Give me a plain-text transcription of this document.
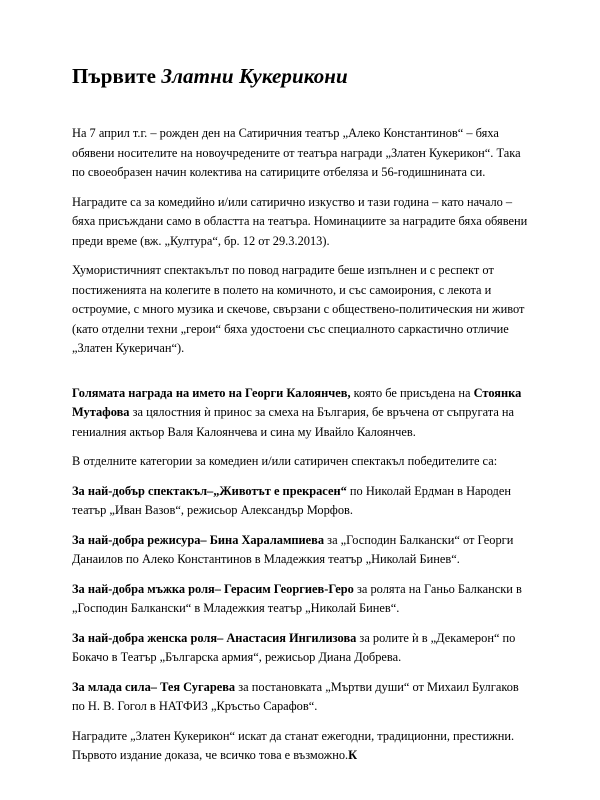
Първите Златни Кукерикони

На 7 април т.г. – рожден ден на Сатиричния театър „Алеко Константинов“ – бяха обявени носителите на новоучредените от театъра награди „Златен Кукерикон“. Така по своеобразен начин колектива на сатириците отбеляза и 56-годишнината си.

Наградите са за комедийно и/или сатирично изкуство и тази година – като начало – бяха присъждани само в областта на театъра. Номинациите за наградите бяха обявени преди време (вж. „Култура“, бр. 12 от 29.3.2013).

Хумористичният спектакълът по повод наградите беше изпълнен и с респект от постиженията на колегите в полето на комичното, и със самоирония, с лекота и остроумие, с много музика и скечове, свързани с обществено-политическия ни живот (като отделни техни „герои“ бяха удостоени със специалното саркастично отличие „Златен Кукеричан“).

Голямата награда на името на Георги Калоянчев, която бе присъдена на Стоянка Мутафова за цялостния ѝ принос за смеха на България, бе връчена от съпругата на гениалния актьор Валя Калоянчева и сина му Ивайло Калоянчев.

В отделните категории за комедиен и/или сатиричен спектакъл победителите са:

За най-добър спектакъл–„Животът е прекрасен“ по Николай Ердман в Народен театър „Иван Вазов“, режисьор Александър Морфов.

За най-добра режисура– Бина Харалампиева за „Господин Балкански“ от Георги Данаилов по Алеко Константинов в Младежкия театър „Николай Бинев“.

За най-добра мъжка роля– Герасим Георгиев-Геро за ролята на Ганьо Балкански в „Господин Балкански“ в Младежкия театър „Николай Бинев“.

За най-добра женска роля– Анастасия Ингилизова за ролите ѝ в „Декамерон“ по Бокачо в Театър „Българска армия“, режисьор Диана Добрева.

За млада сила– Тея Сугарева за постановката „Мъртви души“ от Михаил Булгаков по Н. В. Гогол в НАТФИЗ „Кръстьо Сарафов“.

Наградите „Златен Кукерикон“ искат да станат ежегодни, традиционни, престижни. Първото издание доказа, че всичко това е възможно.К
